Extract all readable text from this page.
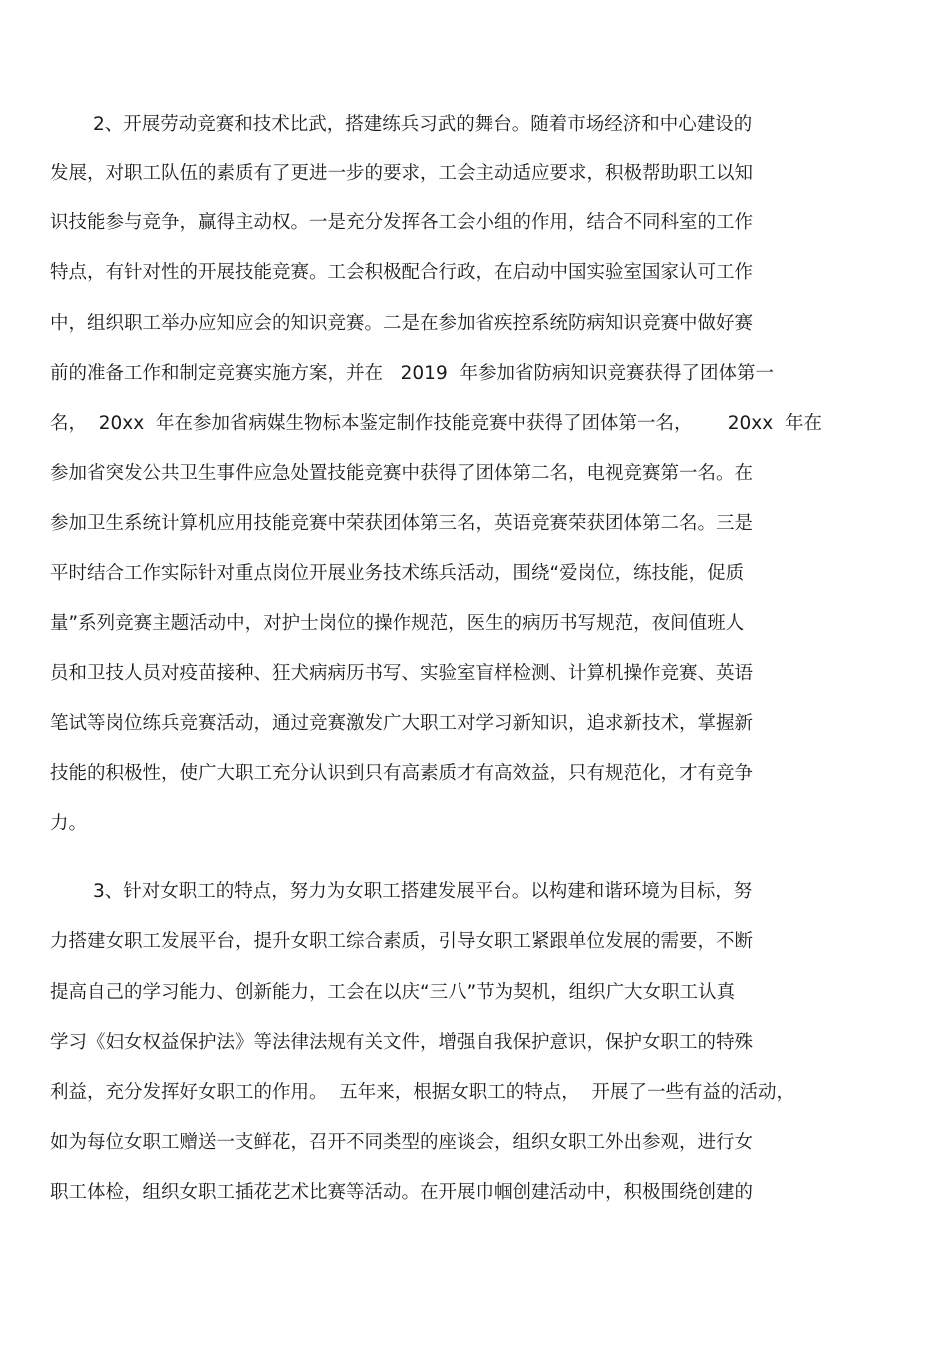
2、开展劳动竞赛和技术比武，搭建练兵习武的舞台。随着市场经济和中心建设的
发展，对职工队伍的素质有了更进一步的要求，工会主动适应要求，积极帮助职工以知
识技能参与竞争，赢得主动权。一是充分发挥各工会小组的作用，结合不同科室的工作
特点，有针对性的开展技能竞赛。工会积极配合行政，在启动中国实验室国家认可工作
中，组织职工举办应知应会的知识竞赛。二是在参加省疾控系统防病知识竞赛中做好赛
前的准备工作和制定竞赛实施方案，并在   2019  年参加省防病知识竞赛获得了团体第一
名，  20xx  年在参加省病媒生物标本鉴定制作技能竞赛中获得了团体第一名，      20xx  年在
参加省突发公共卫生事件应急处置技能竞赛中获得了团体第二名，电视竞赛第一名。在
参加卫生系统计算机应用技能竞赛中荣获团体第三名，英语竞赛荣获团体第二名。三是
平时结合工作实际针对重点岗位开展业务技术练兵活动，围绕“爱岗位，练技能，促质
量”系列竞赛主题活动中，对护士岗位的操作规范，医生的病历书写规范，夜间值班人
员和卫技人员对疫苗接种、狂犬病病历书写、实验室盲样检测、计算机操作竞赛、英语
笔试等岗位练兵竞赛活动，通过竞赛激发广大职工对学习新知识，追求新技术，掌握新
技能的积极性，使广大职工充分认识到只有高素质才有高效益，只有规范化，才有竞争
力。
3、针对女职工的特点，努力为女职工搭建发展平台。以构建和谐环境为目标，努
力搭建女职工发展平台，提升女职工综合素质，引导女职工紧跟单位发展的需要，不断
提高自己的学习能力、创新能力，工会在以庆“三八”节为契机，组织广大女职工认真
学习《妇女权益保护法》等法律法规有关文件，增强自我保护意识，保护女职工的特殊
利益，充分发挥好女职工的作用。  五年来，根据女职工的特点，  开展了一些有益的活动，
如为每位女职工赠送一支鲜花，召开不同类型的座谈会，组织女职工外出参观，进行女
职工体检，组织女职工插花艺术比赛等活动。在开展巾帼创建活动中，积极围绕创建的
